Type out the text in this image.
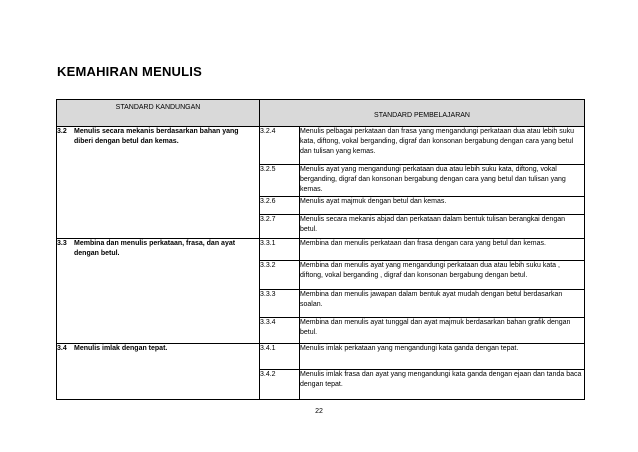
KEMAHIRAN MENULIS
STANDARD KANDUNGAN	STANDARD PEMBELAJARAN	

3.2 Menulis secara mekanis berdasarkan bahan yang diberi dengan betul dan kemas.	3.2.4	Menulis pelbagai perkataan dan frasa yang mengandungi perkataan dua atau lebih suku kata, diftong, vokal berganding, digraf dan konsonan bergabung dengan cara yang betul dan tulisan yang kemas.
	3.2.5	Menulis ayat yang mengandungi perkataan dua atau lebih suku kata, diftong, vokal berganding, digraf dan konsonan bergabung dengan cara yang betul dan tulisan yang kemas.
	3.2.6	Menulis ayat majmuk dengan betul dan kemas.
	3.2.7	Menulis secara mekanis abjad dan perkataan dalam bentuk tulisan berangkai dengan betul.

3.3 Membina dan menulis perkataan, frasa, dan ayat dengan betul.	3.3.1	Membina dan menulis perkataan dan frasa dengan cara yang betul dan kemas.
	3.3.2	Membina dan menulis ayat yang mengandungi perkataan dua atau lebih suku kata , diftong, vokal berganding , digraf dan konsonan bergabung dengan betul.
	3.3.3	Membina dan menulis jawapan dalam bentuk ayat mudah dengan betul berdasarkan soalan.
	3.3.4	Membina dan menulis ayat tunggal dan ayat majmuk berdasarkan bahan grafik dengan betul.

3.4 Menulis imlak dengan tepat.	3.4.1	Menulis imlak perkataan yang mengandungi kata ganda dengan tepat.
	3.4.2	Menulis imlak frasa dan ayat yang mengandungi kata ganda dengan ejaan dan tanda baca dengan tepat.
22
